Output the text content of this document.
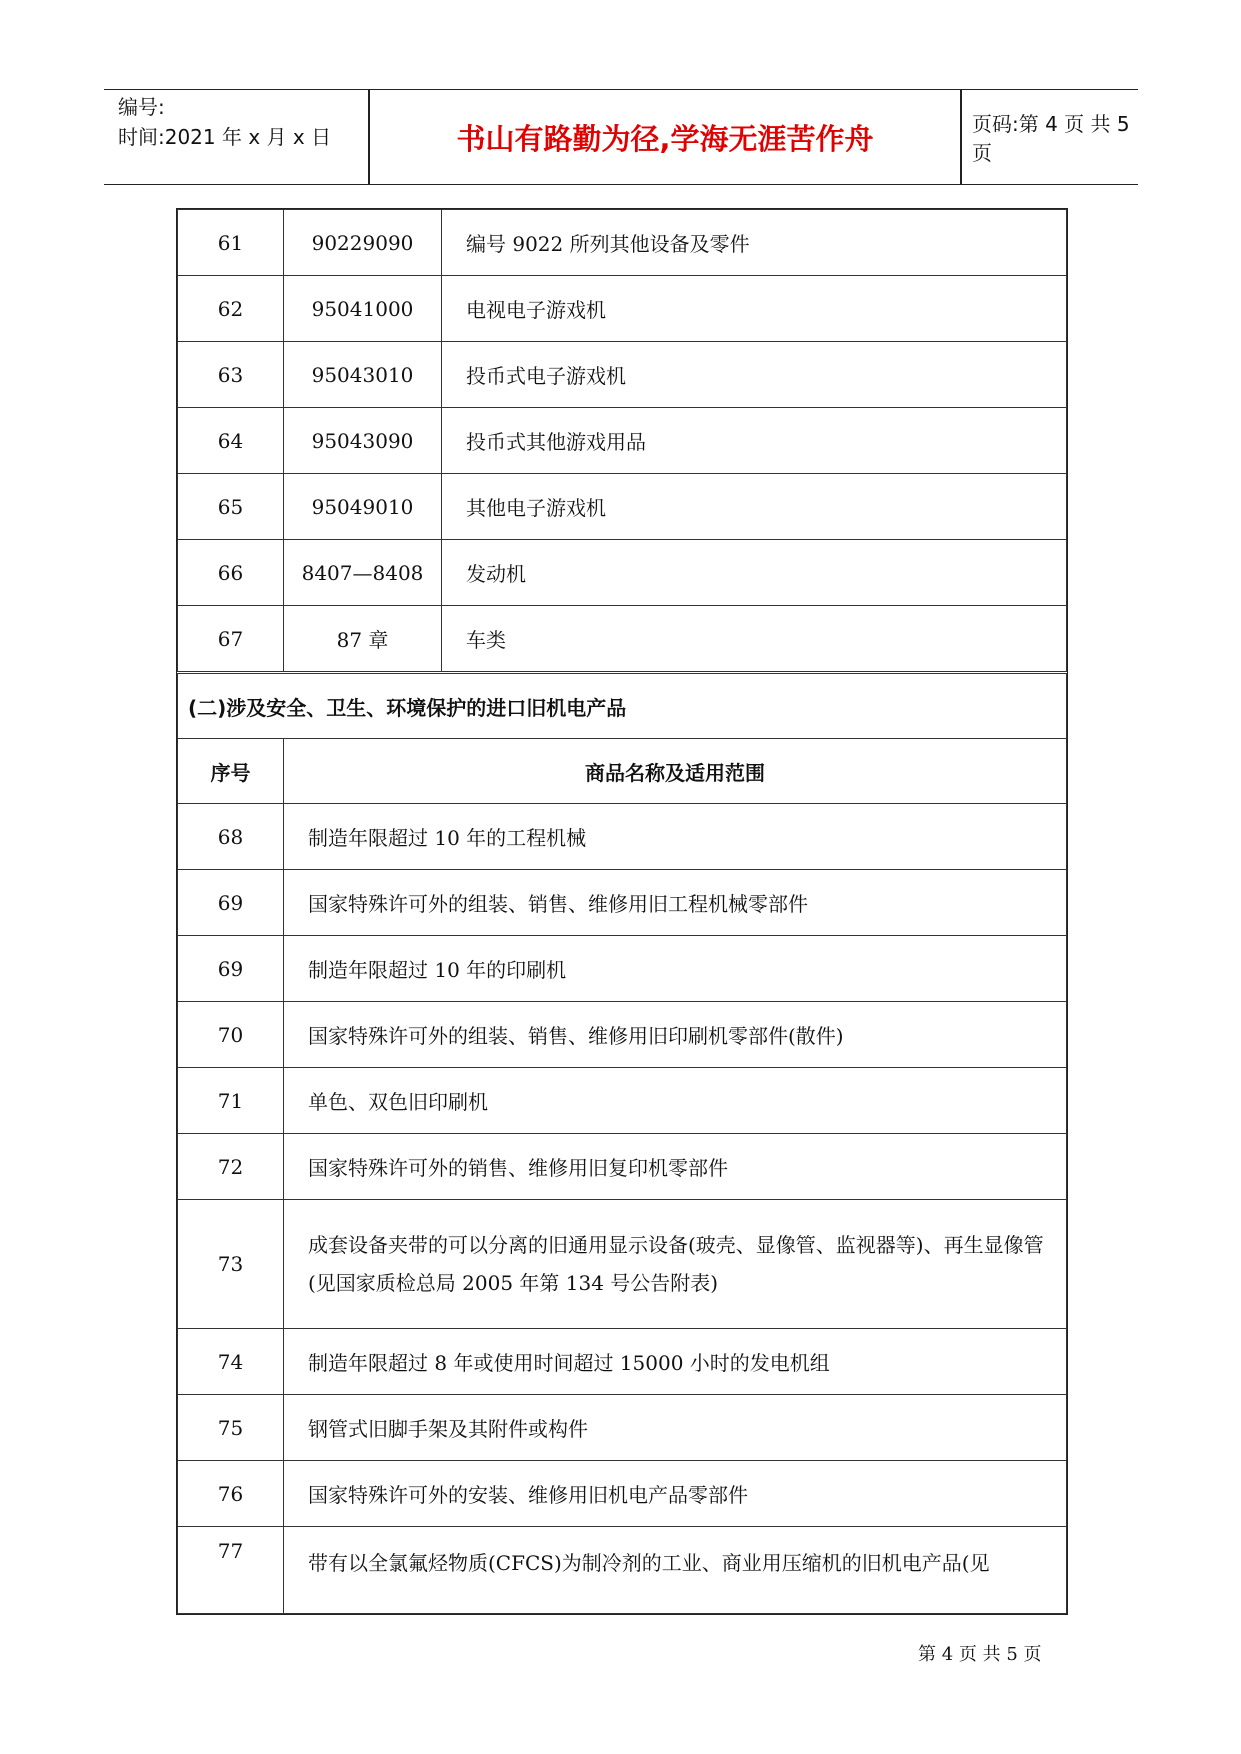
编号:
时间:2021 年 x 月 x 日	书山有路勤为径,学海无涯苦作舟	页码:第 4 页 共 5 页
61	90229090	编号 9022 所列其他设备及零件
62	95041000	电视电子游戏机
63	95043010	投币式电子游戏机
64	95043090	投币式其他游戏用品
65	95049010	其他电子游戏机
66	8407—8408	发动机
67	87 章	车类
(二)涉及安全、卫生、环境保护的进口旧机电产品		
序号	商品名称及适用范围	
68	制造年限超过 10 年的工程机械	
69	国家特殊许可外的组装、销售、维修用旧工程机械零部件	
69	制造年限超过 10 年的印刷机	
70	国家特殊许可外的组装、销售、维修用旧印刷机零部件(散件)	
71	单色、双色旧印刷机	
72	国家特殊许可外的销售、维修用旧复印机零部件	
73	成套设备夹带的可以分离的旧通用显示设备(玻壳、显像管、监视器等)、再生显像管(见国家质检总局 2005 年第 134 号公告附表)	
74	制造年限超过 8 年或使用时间超过 15000 小时的发电机组	
75	钢管式旧脚手架及其附件或构件	
76	国家特殊许可外的安装、维修用旧机电产品零部件	
77	带有以全氯氟烃物质(CFCS)为制冷剂的工业、商业用压缩机的旧机电产品(见	
第 4 页 共 5 页
